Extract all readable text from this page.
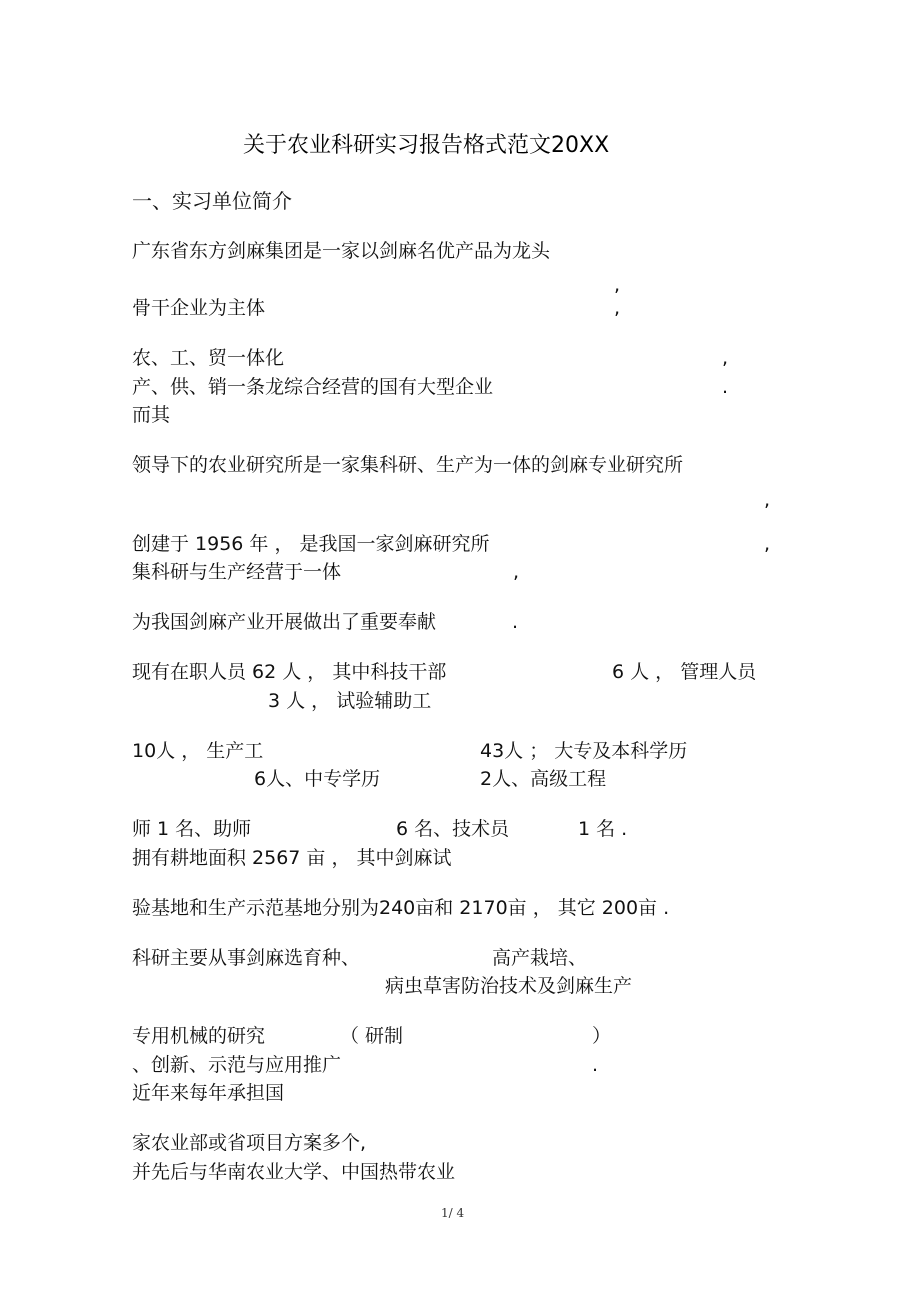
关于农业科研实习报告格式范文20XX
一、实习单位简介
广东省东方剑麻集团是一家以剑麻名优产品为龙头
,
骨干企业为主体	,
农、工、贸一体化	,
产、供、销一条龙综合经营的国有大型企业	.
而其
领导下的农业研究所是一家集科研、生产为一体的剑麻专业研究所
,
创建于 1956 年 ， 是我国一家剑麻研究所	,
集科研与生产经营于一体	,
为我国剑麻产业开展做出了重要奉献	.
现有在职人员 62 人 ， 其中科技干部	6 人 ， 管理人员
3 人 ， 试验辅助工
10人 ， 生产工	43人 ； 大专及本科学历
6人、中专学历	2人、高级工程
师 1 名、助师	6 名、技术员	1 名 .
拥有耕地面积 2567 亩 ， 其中剑麻试
验基地和生产示范基地分别为240亩和 2170亩 ， 其它 200亩 .
科研主要从事剑麻选育种、	高产栽培、
病虫草害防治技术及剑麻生产
专用机械的研究	（ 研制	）
、创新、示范与应用推广	.
近年来每年承担国
家农业部或省项目方案多个,
并先后与华南农业大学、中国热带农业
1/ 4
